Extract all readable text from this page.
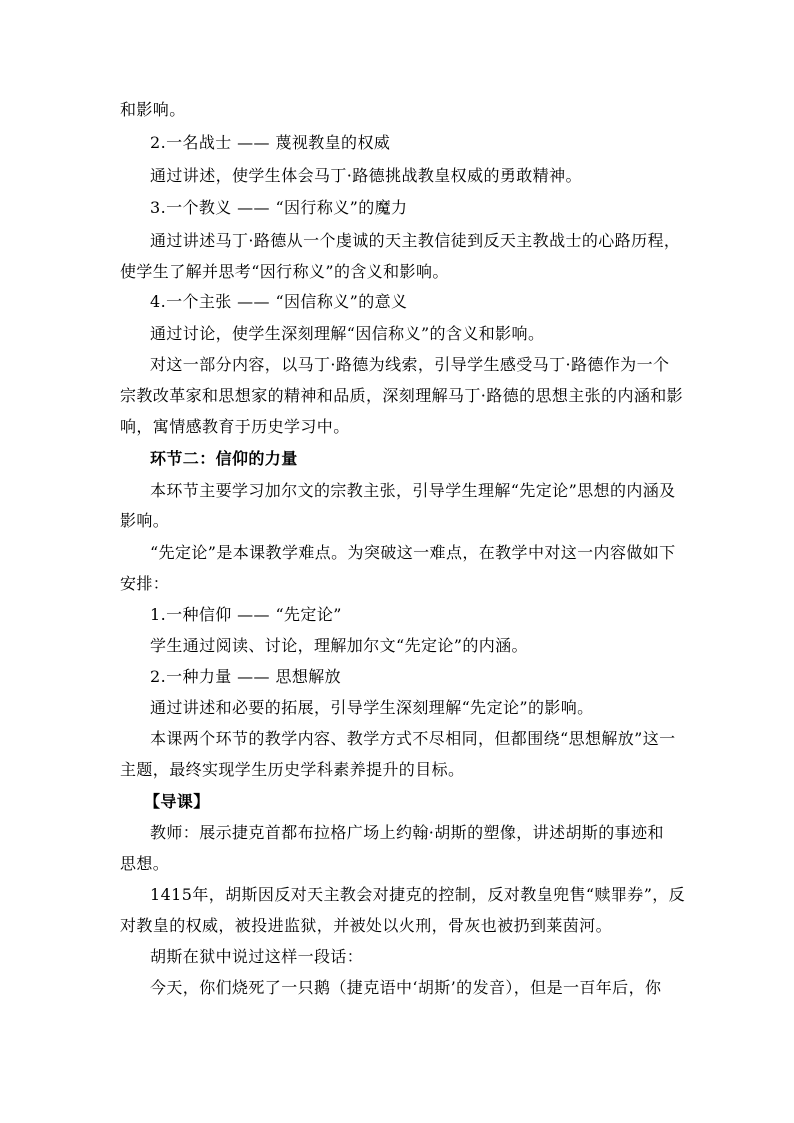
和影响。
2.一名战士 —— 蔑视教皇的权威
通过讲述，使学生体会马丁·路德挑战教皇权威的勇敢精神。
3.一个教义 —— “因行称义”的魔力
通过讲述马丁·路德从一个虔诚的天主教信徒到反天主教战士的心路历程，
使学生了解并思考“因行称义”的含义和影响。
4.一个主张 —— “因信称义”的意义
通过讨论，使学生深刻理解“因信称义”的含义和影响。
对这一部分内容，以马丁·路德为线索，引导学生感受马丁·路德作为一个
宗教改革家和思想家的精神和品质，深刻理解马丁·路德的思想主张的内涵和影
响，寓情感教育于历史学习中。
环节二：信仰的力量
本环节主要学习加尔文的宗教主张，引导学生理解“先定论”思想的内涵及
影响。
“先定论”是本课教学难点。为突破这一难点，在教学中对这一内容做如下
安排：
1.一种信仰 —— “先定论”
学生通过阅读、讨论，理解加尔文“先定论”的内涵。
2.一种力量 —— 思想解放
通过讲述和必要的拓展，引导学生深刻理解“先定论”的影响。
本课两个环节的教学内容、教学方式不尽相同，但都围绕“思想解放”这一
主题，最终实现学生历史学科素养提升的目标。
【导课】
教师：展示捷克首都布拉格广场上约翰·胡斯的塑像，讲述胡斯的事迹和
思想。
1415年，胡斯因反对天主教会对捷克的控制，反对教皇兜售“赎罪券”，反
对教皇的权威，被投进监狱，并被处以火刑，骨灰也被扔到莱茵河。
胡斯在狱中说过这样一段话：
今天，你们烧死了一只鹅（捷克语中‘胡斯’的发音），但是一百年后，你
